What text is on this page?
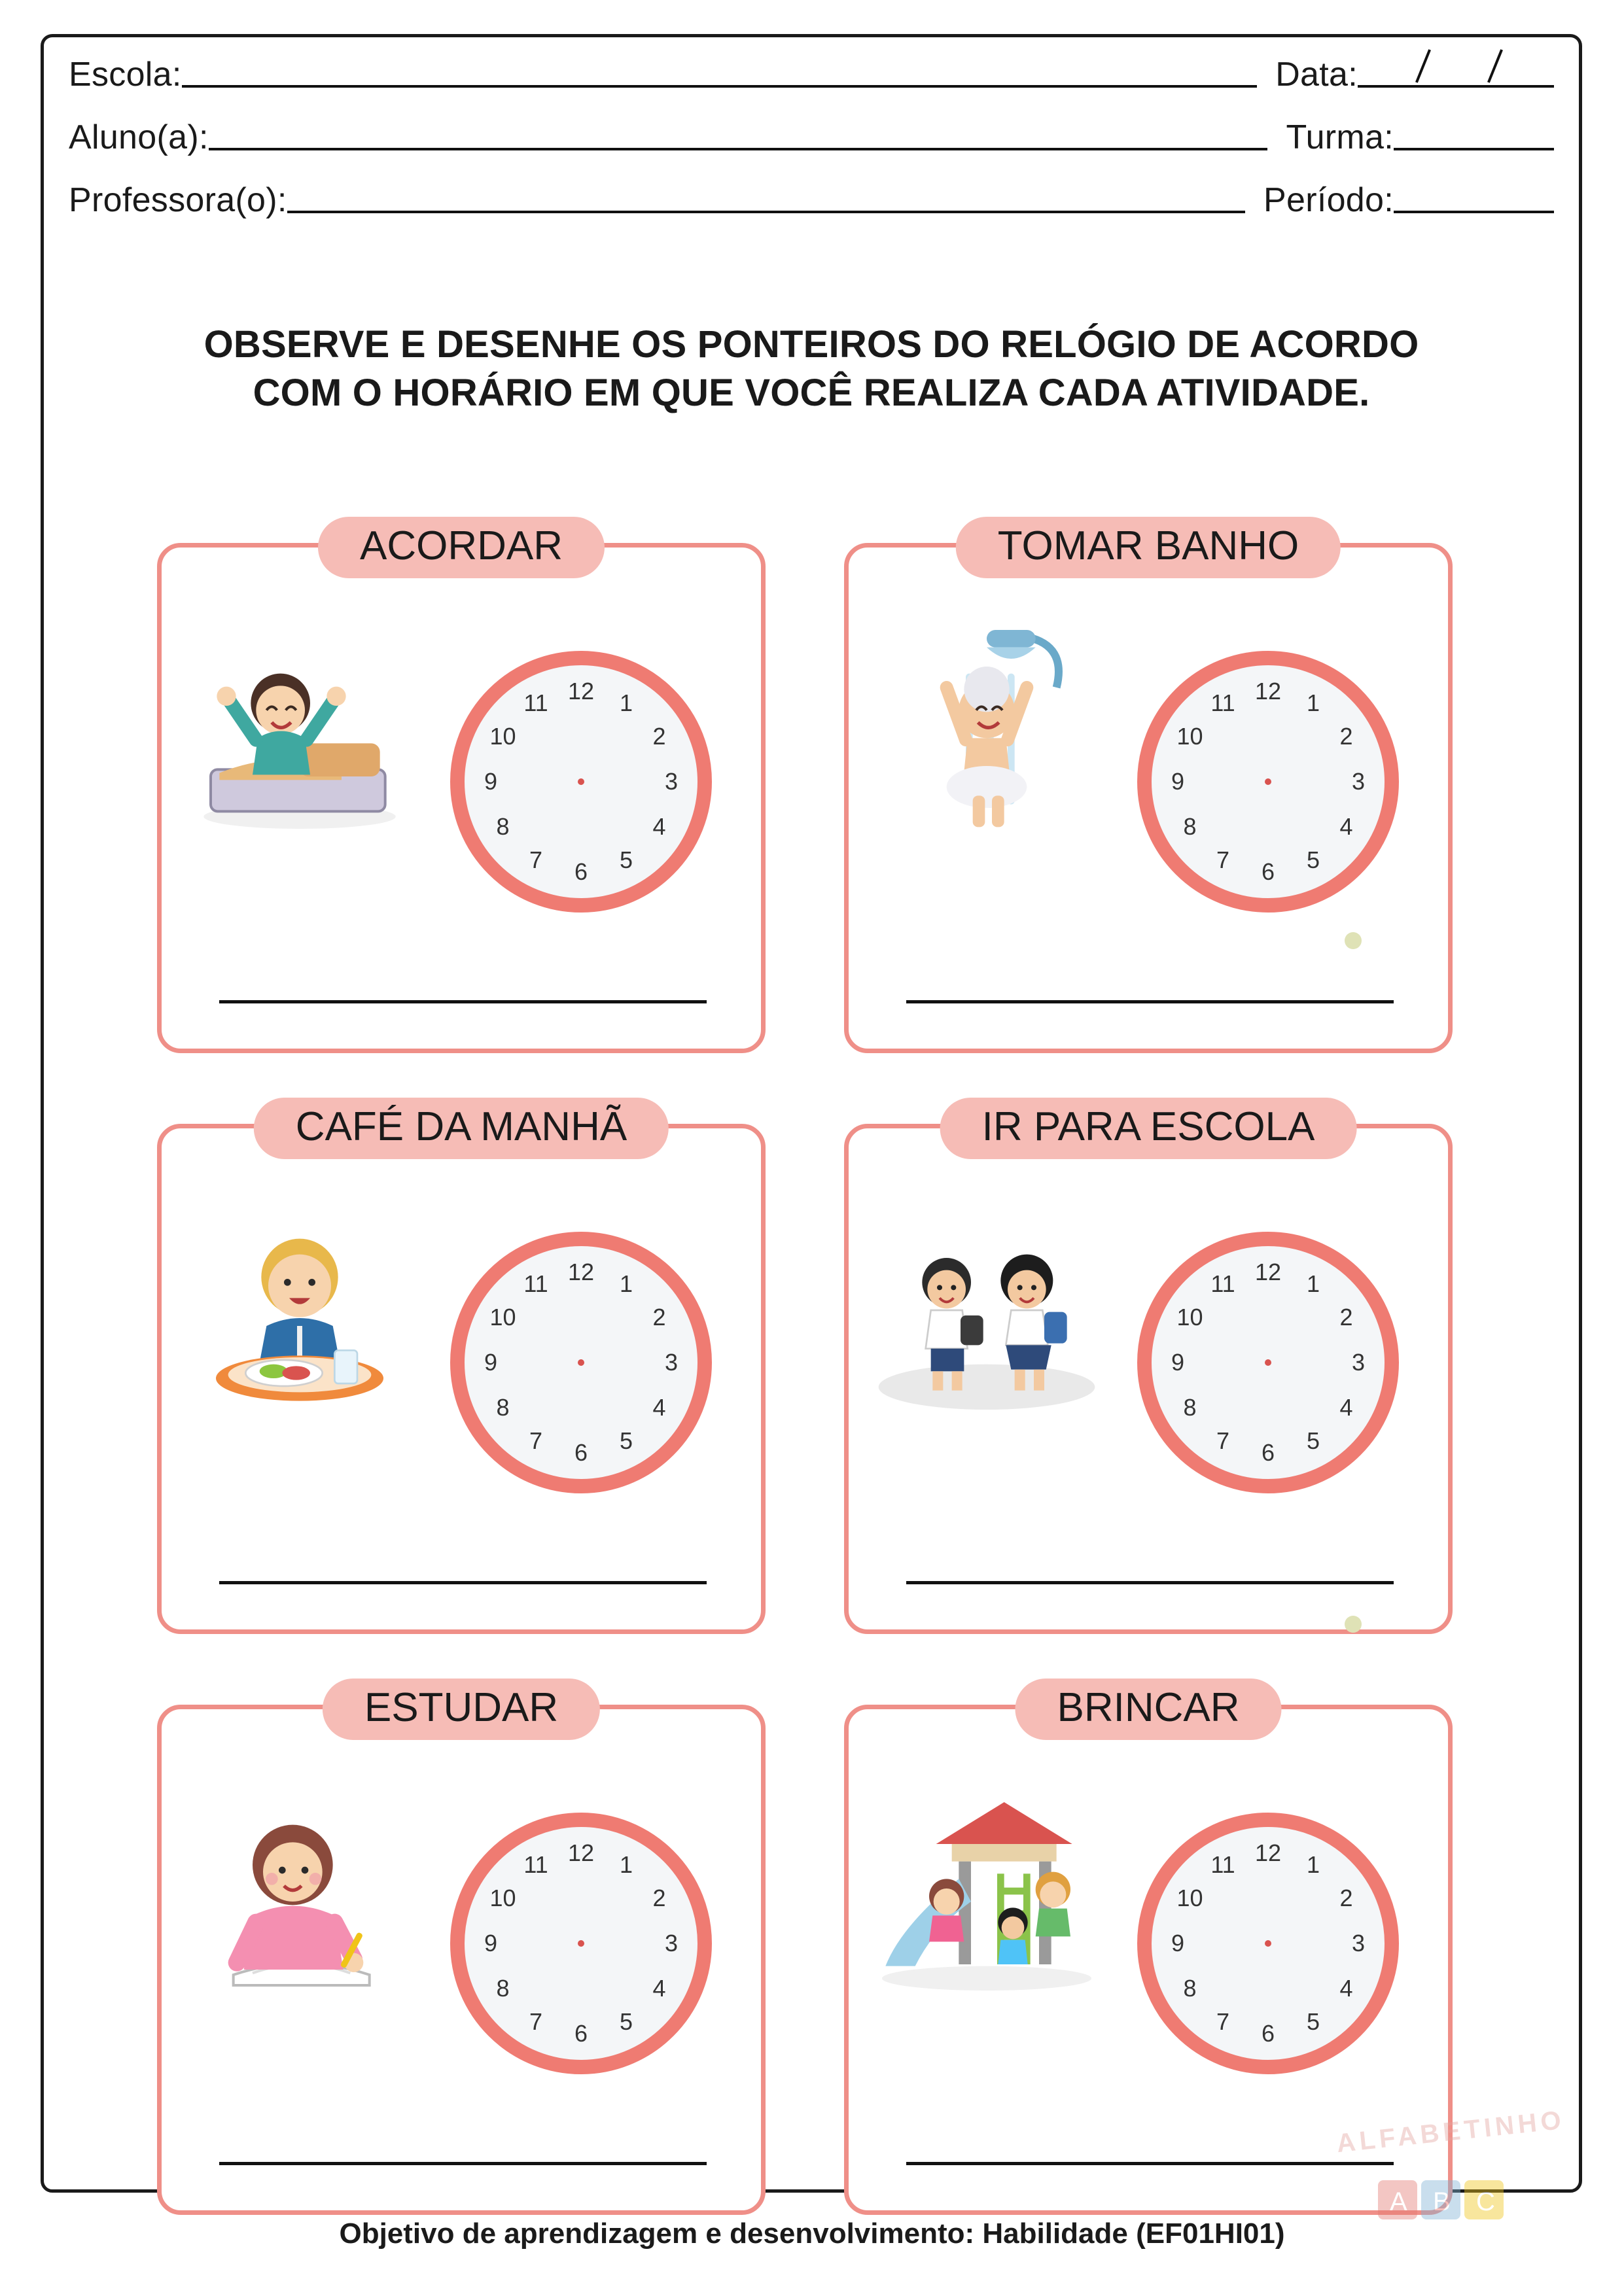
Escola:	Data:
Aluno(a):	Turma:
Professora(o):	Período:
OBSERVE E DESENHE OS PONTEIROS DO RELÓGIO DE ACORDO
COM O HORÁRIO EM QUE VOCÊ REALIZA CADA ATIVIDADE.
12 1
2
3
4
5
6
7
8
9
10
11
ACORDAR
12 1
2
3
4
5
6
7
8
9
10
11
TOMAR BANHO
12 1
2
3
4
5
6
7
8
9
10
11
CAFÉ DA MANHÃ
12 1
2
3
4
5
6
7
8
9
10
11
IR PARA ESCOLA
12 1
2
3
4
5
6
7
8
9
10
11
ESTUDAR
12 1
2
3
4
5
6
7
8
9
10
11
BRINCAR
ALFABETINHO
A B C
Objetivo de aprendizagem e desenvolvimento: Habilidade (EF01HI01)
